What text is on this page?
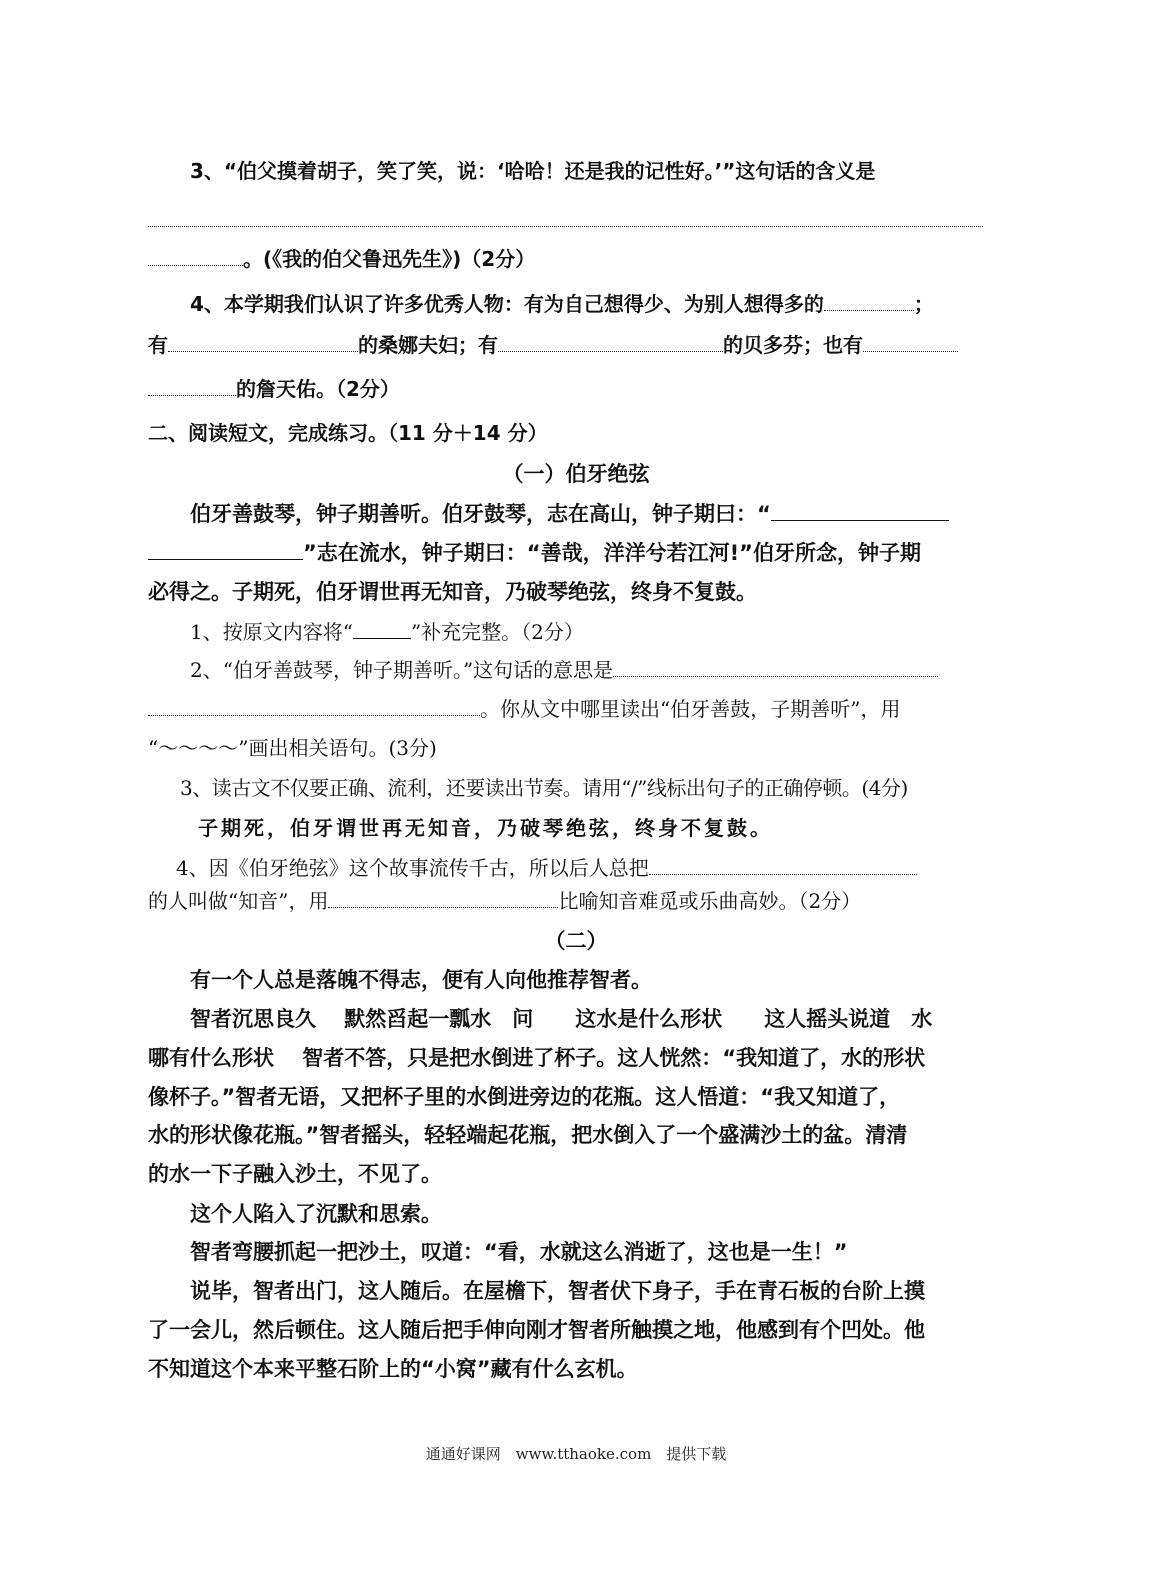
3、“伯父摸着胡子，笑了笑，说：‘哈哈！还是我的记性好。’”这句话的含义是
。(《我的伯父鲁迅先生》)（2分）
4、本学期我们认识了许多优秀人物：有为自己想得少、为别人想得多的	；
有	的桑娜夫妇；有	的贝多芬；也有
的詹天佑。（2分）
二、阅读短文，完成练习。（11 分＋14 分）
（一）伯牙绝弦
伯牙善鼓琴，钟子期善听。伯牙鼓琴，志在高山，钟子期曰：“
”志在流水，钟子期曰：“善哉，洋洋兮若江河!”伯牙所念，钟子期
必得之。子期死，伯牙谓世再无知音，乃破琴绝弦，终身不复鼓。
1、按原文内容将“	”补充完整。（2分）
2、“伯牙善鼓琴，钟子期善听。”这句话的意思是
。你从文中哪里读出“伯牙善鼓，子期善听”，用
“～～～～”画出相关语句。(3分)
3、读古文不仅要正确、流利，还要读出节奏。请用“/”线标出句子的正确停顿。(4分)
子期死，伯牙谓世再无知音，乃破琴绝弦，终身不复鼓。
4、因《伯牙绝弦》这个故事流传千古，所以后人总把
的人叫做“知音”，用	比喻知音难觅或乐曲高妙。（2分）
（二）
有一个人总是落魄不得志，便有人向他推荐智者。
智者沉思良久　 默然舀起一瓢水　问　　这水是什么形状　　这人摇头说道　水
哪有什么形状　 智者不答，只是把水倒进了杯子。这人恍然：“我知道了，水的形状
像杯子。”智者无语，又把杯子里的水倒进旁边的花瓶。这人悟道：“我又知道了，
水的形状像花瓶。”智者摇头，轻轻端起花瓶，把水倒入了一个盛满沙土的盆。清清
的水一下子融入沙土，不见了。
这个人陷入了沉默和思索。
智者弯腰抓起一把沙土，叹道：“看，水就这么消逝了，这也是一生！”
说毕，智者出门，这人随后。在屋檐下，智者伏下身子，手在青石板的台阶上摸
了一会儿，然后顿住。这人随后把手伸向刚才智者所触摸之地，他感到有个凹处。他
不知道这个本来平整石阶上的“小窝”藏有什么玄机。
通通好课网　www.tthaoke.com　提供下载
